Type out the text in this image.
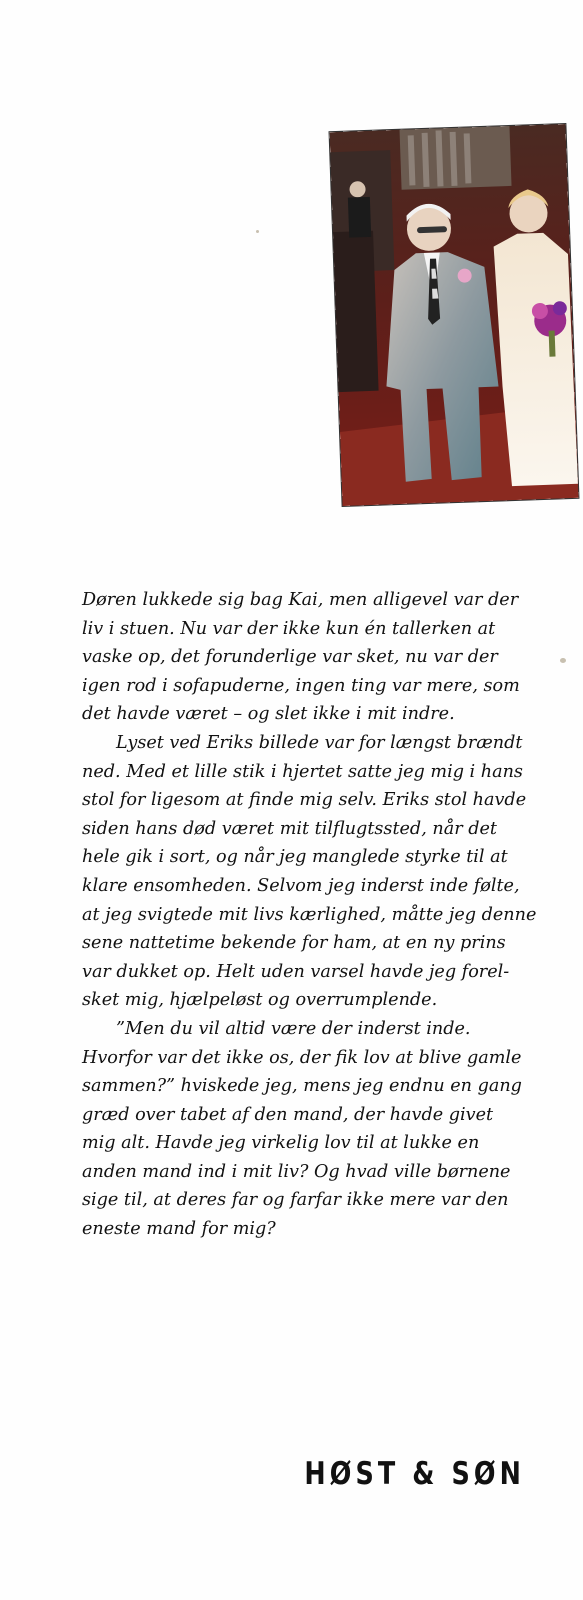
Døren lukkede sig bag Kai, men alligevel var der
liv i stuen. Nu var der ikke kun én tallerken at
vaske op, det forunderlige var sket, nu var der
igen rod i sofapuderne, ingen ting var mere, som
det havde været – og slet ikke i mit indre.
Lyset ved Eriks billede var for længst brændt
ned. Med et lille stik i hjertet satte jeg mig i hans
stol for ligesom at finde mig selv. Eriks stol havde
siden hans død været mit tilflugtssted, når det
hele gik i sort, og når jeg manglede styrke til at
klare ensomheden. Selvom jeg inderst inde følte,
at jeg svigtede mit livs kærlighed, måtte jeg denne
sene nattetime bekende for ham, at en ny prins
var dukket op. Helt uden varsel havde jeg forel-
sket mig, hjælpeløst og overrumplende.
”Men du vil altid være der inderst inde.
Hvorfor var det ikke os, der fik lov at blive gamle
sammen?” hviskede jeg, mens jeg endnu en gang
græd over tabet af den mand, der havde givet
mig alt. Havde jeg virkelig lov til at lukke en
anden mand ind i mit liv? Og hvad ville børnene
sige til, at deres far og farfar ikke mere var den
eneste mand for mig?
HØST & SØN
